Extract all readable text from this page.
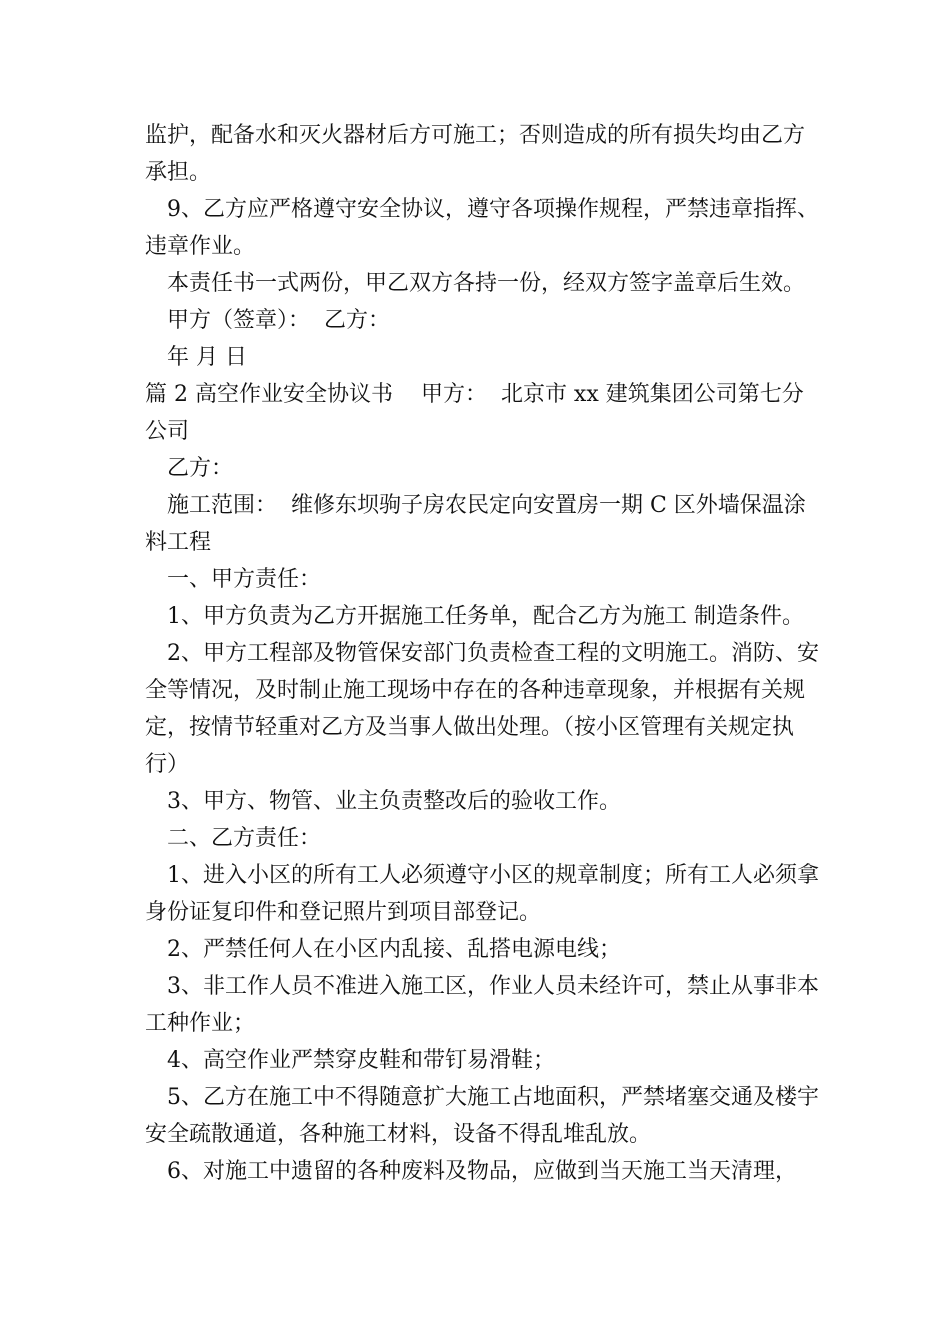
监护，配备水和灭火器材后方可施工；否则造成的所有损失均由乙方承担。

9、乙方应严格遵守安全协议，遵守各项操作规程，严禁违章指挥、违章作业。

本责任书一式两份，甲乙双方各持一份，经双方签字盖章后生效。

甲方（签章）：  乙方：

年 月 日

篇 2 高空作业安全协议书    甲方：  北京市 xx 建筑集团公司第七分公司

乙方：

施工范围：  维修东坝驹子房农民定向安置房一期 C 区外墙保温涂料工程

一、甲方责任：

1、甲方负责为乙方开据施工任务单，配合乙方为施工 制造条件。

2、甲方工程部及物管保安部门负责检查工程的文明施工。消防、安全等情况，及时制止施工现场中存在的各种违章现象，并根据有关规定，按情节轻重对乙方及当事人做出处理。（按小区管理有关规定执行）

3、甲方、物管、业主负责整改后的验收工作。

二、乙方责任：

1、进入小区的所有工人必须遵守小区的规章制度；所有工人必须拿身份证复印件和登记照片到项目部登记。

2、严禁任何人在小区内乱接、乱搭电源电线；

3、非工作人员不准进入施工区，作业人员未经许可，禁止从事非本工种作业；

4、高空作业严禁穿皮鞋和带钉易滑鞋；

5、乙方在施工中不得随意扩大施工占地面积，严禁堵塞交通及楼宇安全疏散通道，各种施工材料，设备不得乱堆乱放。

6、对施工中遗留的各种废料及物品，应做到当天施工当天清理，
